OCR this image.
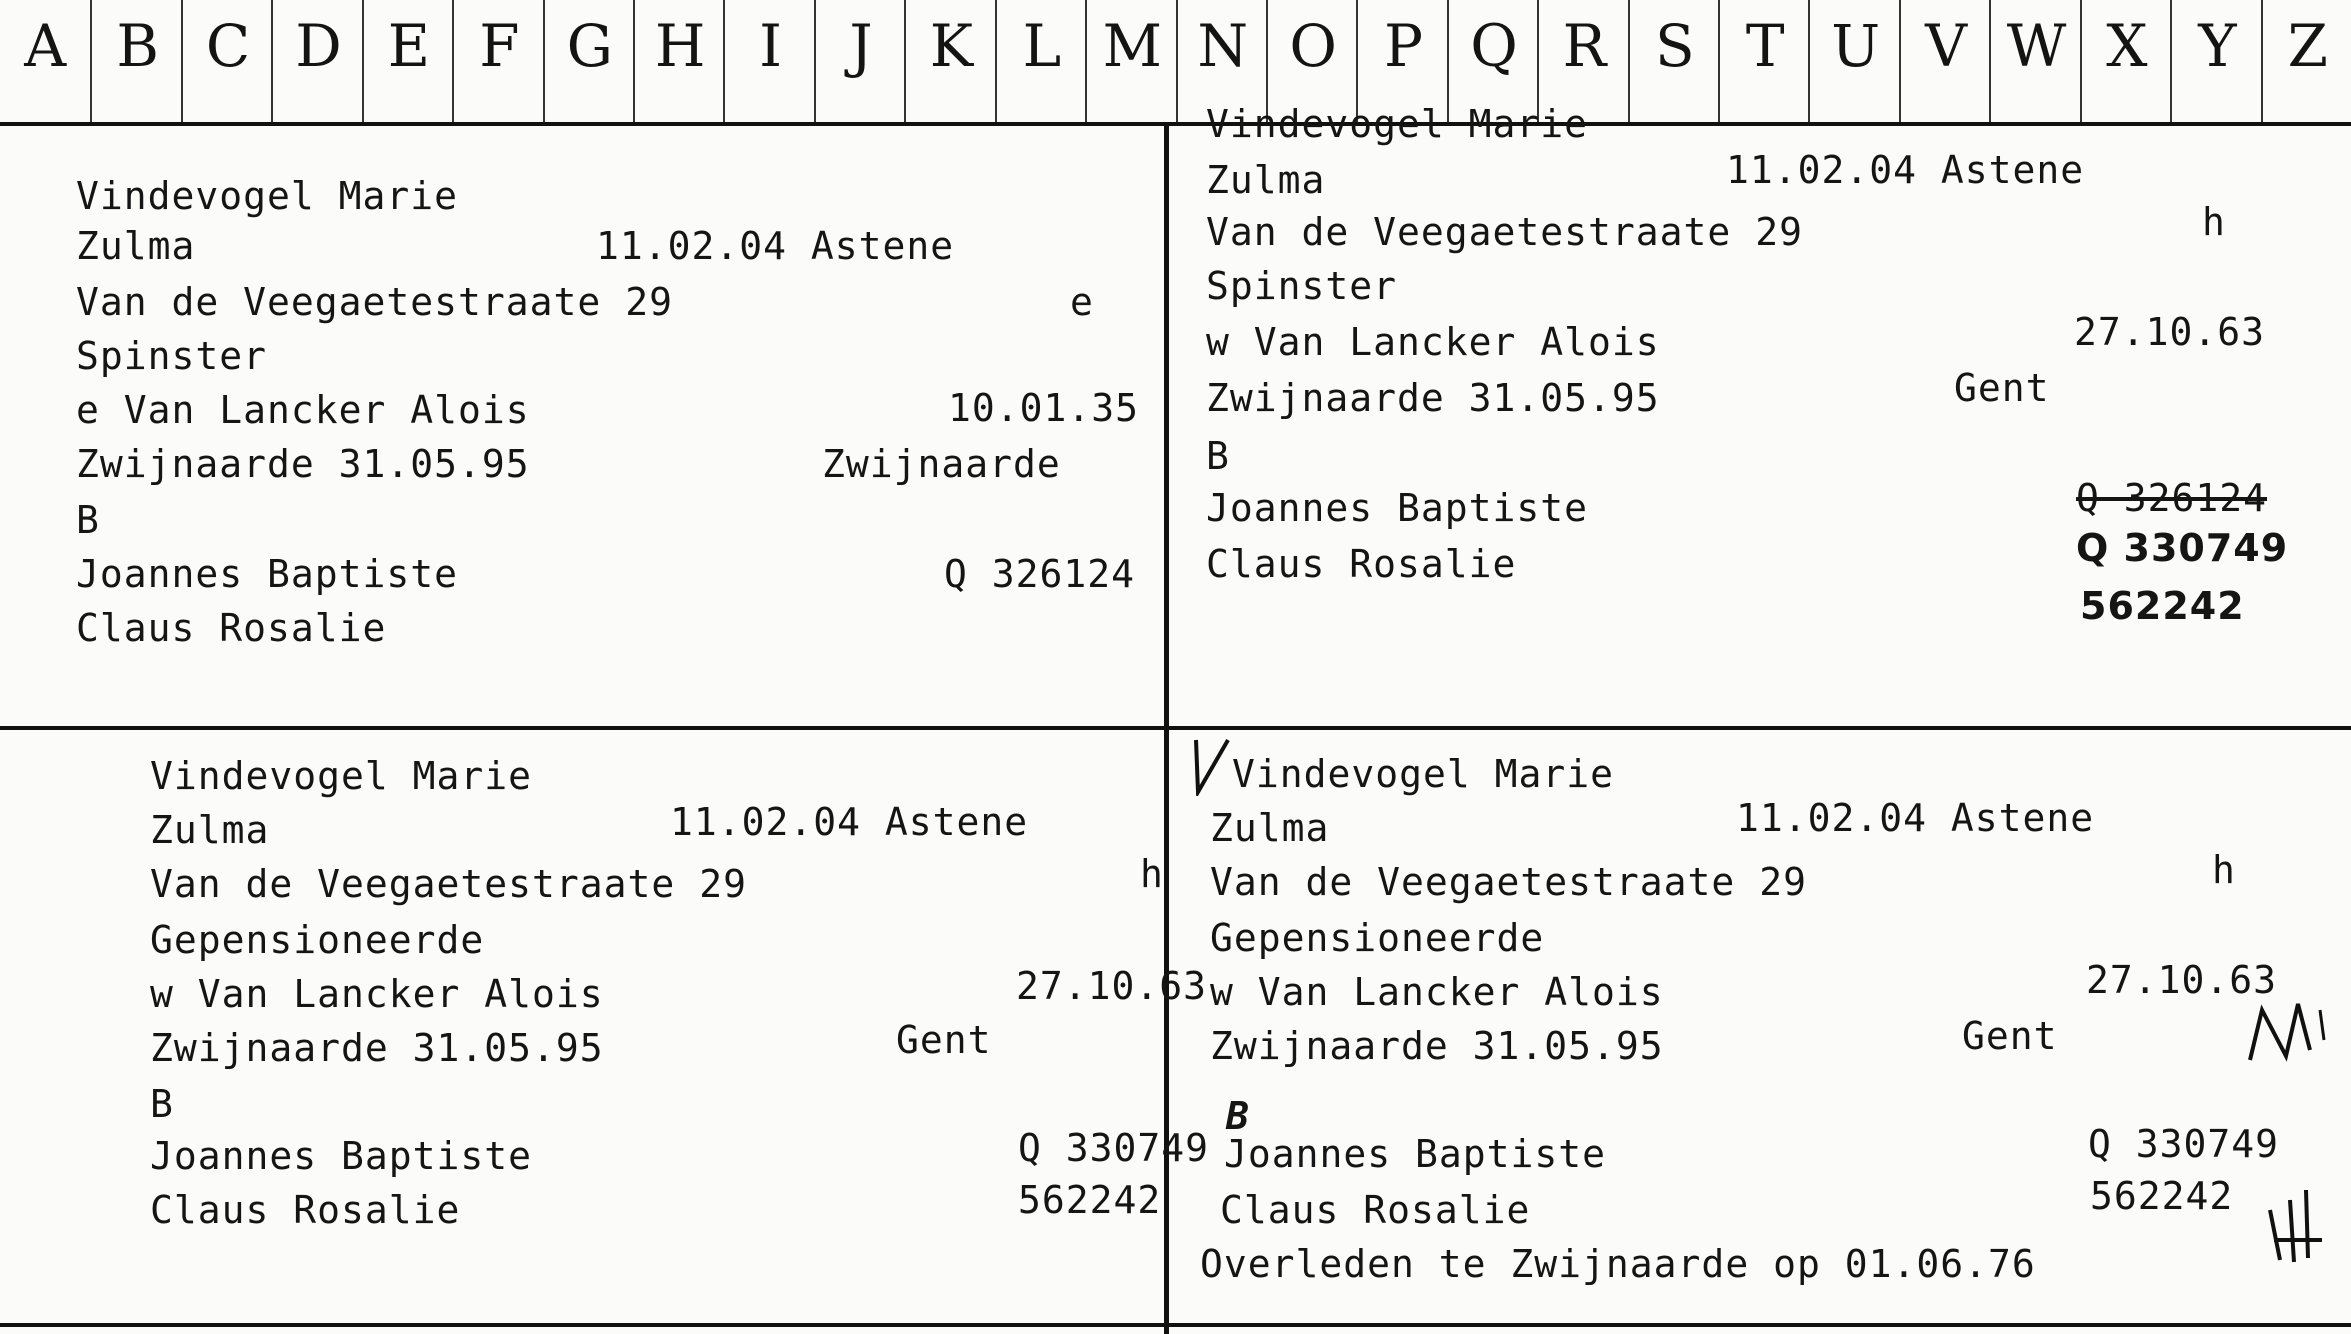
A B C D E F G H I	J K L M N O P Q R S T U V W X Y Z
Vindevogel Marie
Zulma	11.02.04 Astene
Van de Veegaetestraate 29	e
Spinster
e Van Lancker Alois	10.01.35
Zwijnaarde 31.05.95	Zwijnaarde
B
Joannes Baptiste	Q 326124
Claus Rosalie
Vindevogel Marie
Zulma	11.02.04 Astene
Van de Veegaetestraate 29	h
Spinster
w Van Lancker Alois	27.10.63
Zwijnaarde 31.05.95	Gent
B
Joannes Baptiste	Q 326124
Claus Rosalie	Q 330749
562242
Vindevogel Marie
Zulma	11.02.04 Astene
Van de Veegaetestraate 29	h
Gepensioneerde
w Van Lancker Alois	27.10.63
Zwijnaarde 31.05.95	Gent
B
Joannes Baptiste	Q 330749
Claus Rosalie	562242
Vindevogel Marie
Zulma	11.02.04 Astene
Van de Veegaetestraate 29	h
Gepensioneerde
w Van Lancker Alois	27.10.63
Zwijnaarde 31.05.95	Gent
B
Joannes Baptiste	Q 330749
Claus Rosalie	562242
Overleden te Zwijnaarde op 01.06.76
